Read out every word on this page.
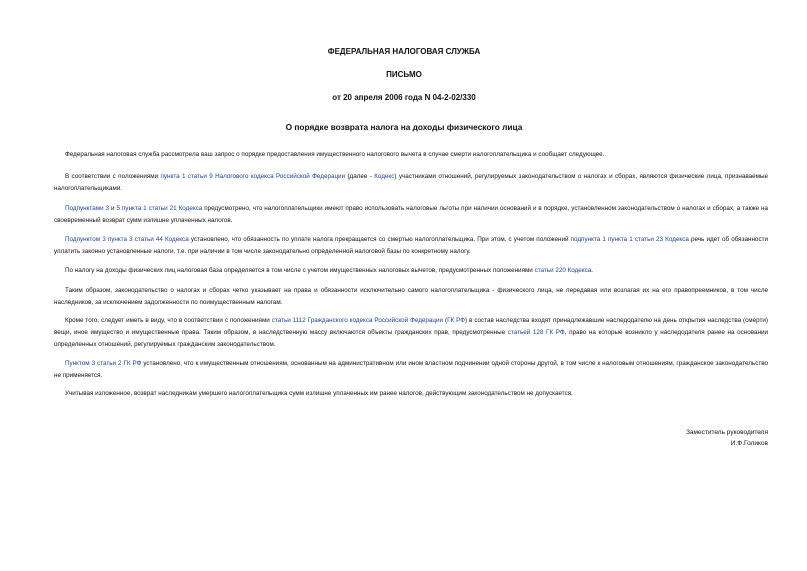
ФЕДЕРАЛЬНАЯ НАЛОГОВАЯ СЛУЖБА
ПИСЬМО
от 20 апреля 2006 года N 04-2-02/330
О порядке возврата налога на доходы физического лица

Федеральная налоговая служба рассмотрела ваш запрос о порядке предоставления имущественного налогового вычета в случае смерти налогоплательщика и сообщает следующее.

В соответствии с положениями пункта 1 статьи 9 Налогового кодекса Российской Федерации (далее - Кодекс) участниками отношений, регулируемых законодательством о налогах и сборах, являются физические лица, признаваемые налогоплательщиками.

Подпунктами 3 и 5 пункта 1 статьи 21 Кодекса предусмотрено, что налогоплательщики имеют право использовать налоговые льготы при наличии оснований и в порядке, установленном законодательством о налогах и сборах, а также на своевременный возврат сумм излишне уплаченных налогов.

Подпунктом 3 пункта 3 статьи 44 Кодекса установлено, что обязанность по уплате налога прекращается со смертью налогоплательщика. При этом, с учетом положений подпункта 1 пункта 1 статьи 23 Кодекса речь идет об обязанности уплатить законно установленные налоги, т.е. при наличии в том числе законодательно определенной налоговой базы по конкретному налогу.

По налогу на доходы физических лиц налоговая база определяется в том числе с учетом имущественных налоговых вычетов, предусмотренных положениями статьи 220 Кодекса.

Таким образом, законодательство о налогах и сборах четко указывает на права и обязанности исключительно самого налогоплательщика - физического лица, не передавая или возлагая их на его правопреемников, в том числе наследников, за исключением задолженности по поимущественным налогам.

Кроме того, следует иметь в виду, что в соответствии с положениями статьи 1112 Гражданского кодекса Российской Федерации (ГК РФ) в состав наследства входят принадлежавшие наследодателю на день открытия наследства (смерти) вещи, иное имущество и имущественные права. Таким образом, в наследственную массу включаются объекты гражданских прав, предусмотренные статьей 128 ГК РФ, право на которые возникло у наследодателя ранее на основании определенных отношений, регулируемых гражданским законодательством.

Пунктом 3 статьи 2 ГК РФ установлено, что к имущественным отношениям, основанным на административном или ином властном подчинении одной стороны другой, в том числе к налоговым отношениям, гражданское законодательство не применяется.

Учитывая изложенное, возврат наследникам умершего налогоплательщика сумм излишне уплаченных им ранее налогов, действующим законодательством не допускается.

Заместитель руководителя
И.Ф.Голиков
